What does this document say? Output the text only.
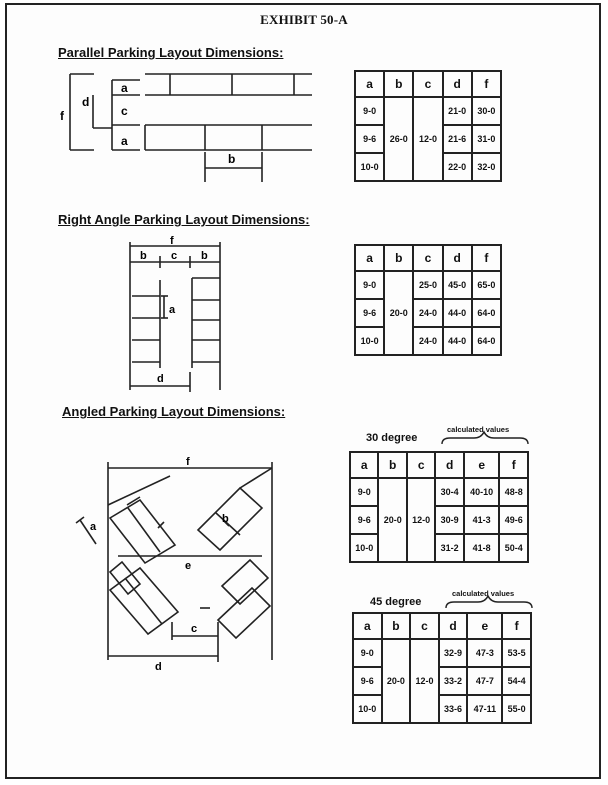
EXHIBIT 50-A
Parallel Parking Layout Dimensions:
a
c
a
d
f
b
a	b	c	d	f
9-0	26-0	12-0	21-0	30-0
9-6			21-6	31-0
10-0			22-0	32-0
Right Angle Parking Layout Dimensions:
f
b c b
a
d
a	b	c	d	f
9-0	20-0	25-0	45-0	65-0
9-6		24-0	44-0	64-0
10-0		24-0	44-0	64-0
Angled Parking Layout Dimensions:
f
a
b
e
c
d
30 degree
calculated values
a	b	c	d	e	f
9-0	20-0	12-0	30-4	40-10	48-8
9-6			30-9	41-3	49-6
10-0			31-2	41-8	50-4
45 degree
calculated values
a	b	c	d	e	f
9-0	20-0	12-0	32-9	47-3	53-5
9-6			33-2	47-7	54-4
10-0			33-6	47-11	55-0
